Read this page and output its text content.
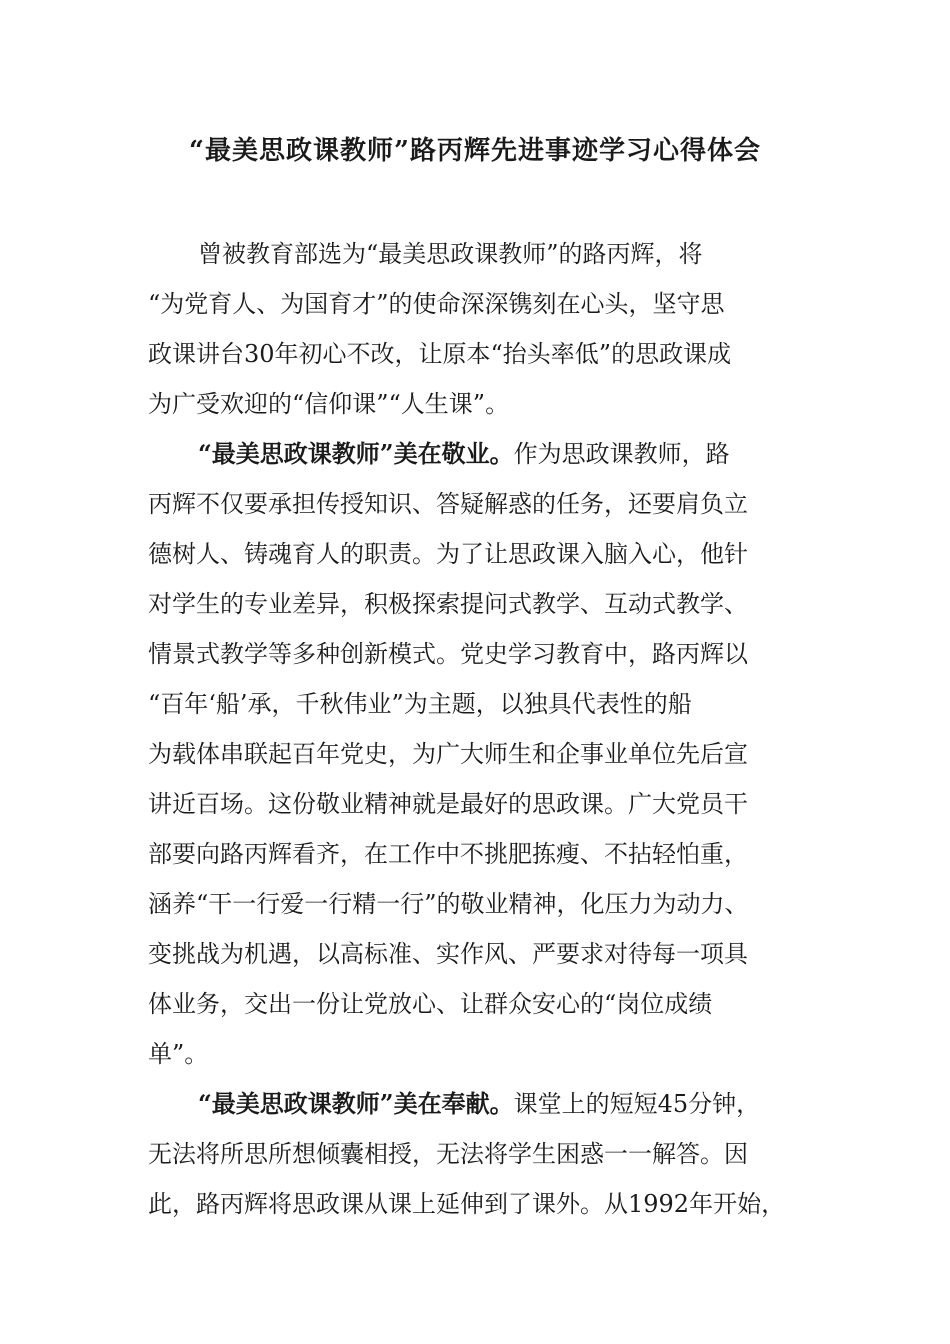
“最美思政课教师”路丙辉先进事迹学习心得体会

曾被教育部选为“最美思政课教师”的路丙辉，将

“为党育人、为国育才”的使命深深镌刻在心头，坚守思

政课讲台30年初心不改，让原本“抬头率低”的思政课成

为广受欢迎的“信仰课”“人生课”。

“最美思政课教师”美在敬业。作为思政课教师，路

丙辉不仅要承担传授知识、答疑解惑的任务，还要肩负立

德树人、铸魂育人的职责。为了让思政课入脑入心，他针

对学生的专业差异，积极探索提问式教学、互动式教学、

情景式教学等多种创新模式。党史学习教育中，路丙辉以

“百年‘船’承，千秋伟业”为主题，以独具代表性的船

为载体串联起百年党史，为广大师生和企事业单位先后宣

讲近百场。这份敬业精神就是最好的思政课。广大党员干

部要向路丙辉看齐，在工作中不挑肥拣瘦、不拈轻怕重，

涵养“干一行爱一行精一行”的敬业精神，化压力为动力、

变挑战为机遇，以高标准、实作风、严要求对待每一项具

体业务，交出一份让党放心、让群众安心的“岗位成绩

单”。

“最美思政课教师”美在奉献。课堂上的短短45分钟，

无法将所思所想倾囊相授，无法将学生困惑一一解答。因

此，路丙辉将思政课从课上延伸到了课外。从1992年开始，
